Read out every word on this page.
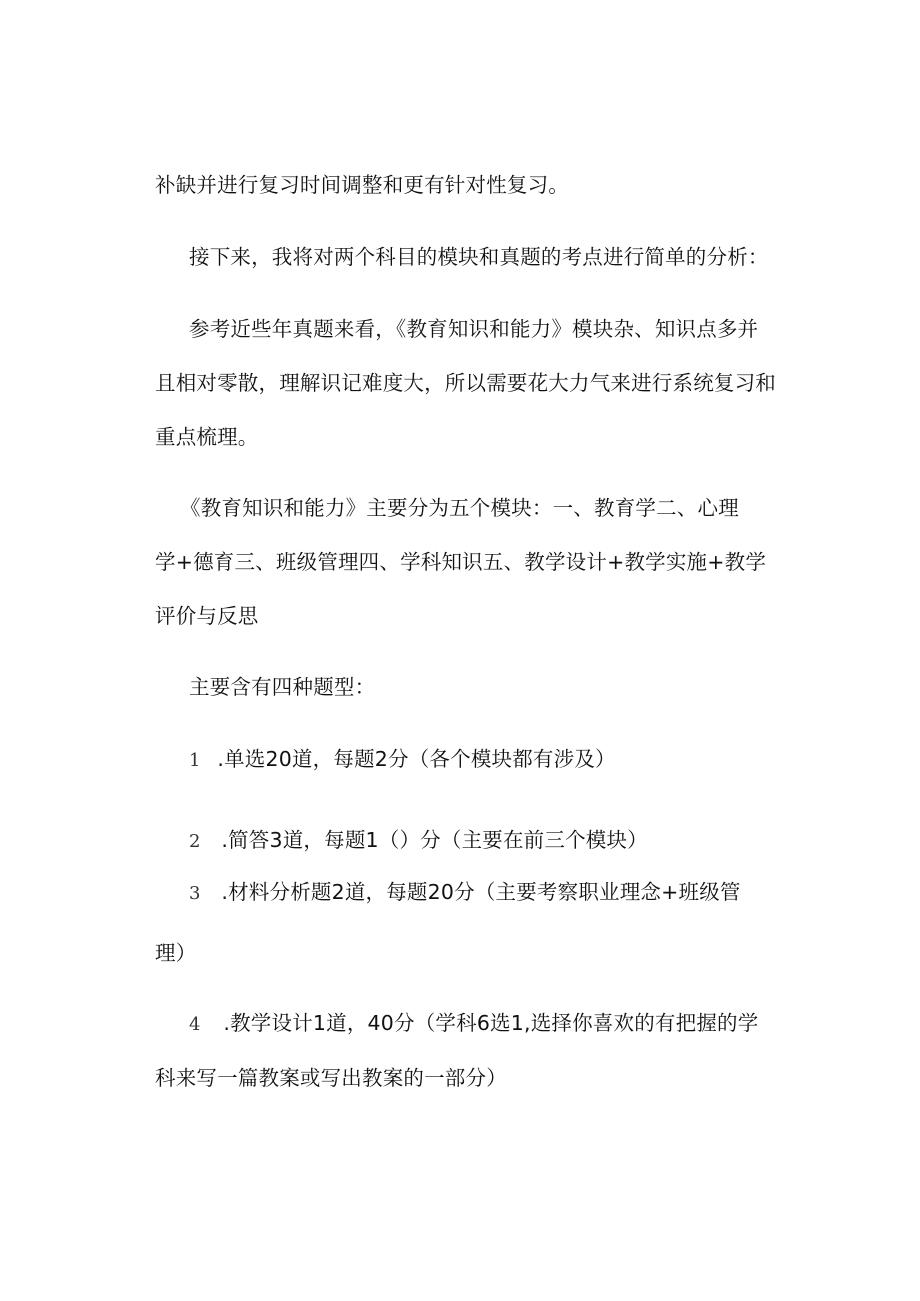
补缺并进行复习时间调整和更有针对性复习。
接下来，我将对两个科目的模块和真题的考点进行简单的分析：
参考近些年真题来看，《教育知识和能力》模块杂、知识点多并
且相对零散，理解识记难度大，所以需要花大力气来进行系统复习和
重点梳理。
《教育知识和能力》主要分为五个模块：一、教育学二、心理
学+德育三、班级管理四、学科知识五、教学设计+教学实施+教学
评价与反思
主要含有四种题型：
1 .单选20道，每题2分（各个模块都有涉及）
2 .简答3道，每题1（）分（主要在前三个模块）
3 .材料分析题2道，每题20分（主要考察职业理念+班级管
理）
4 .教学设计1道，40分（学科6选1,选择你喜欢的有把握的学
科来写一篇教案或写出教案的一部分）
